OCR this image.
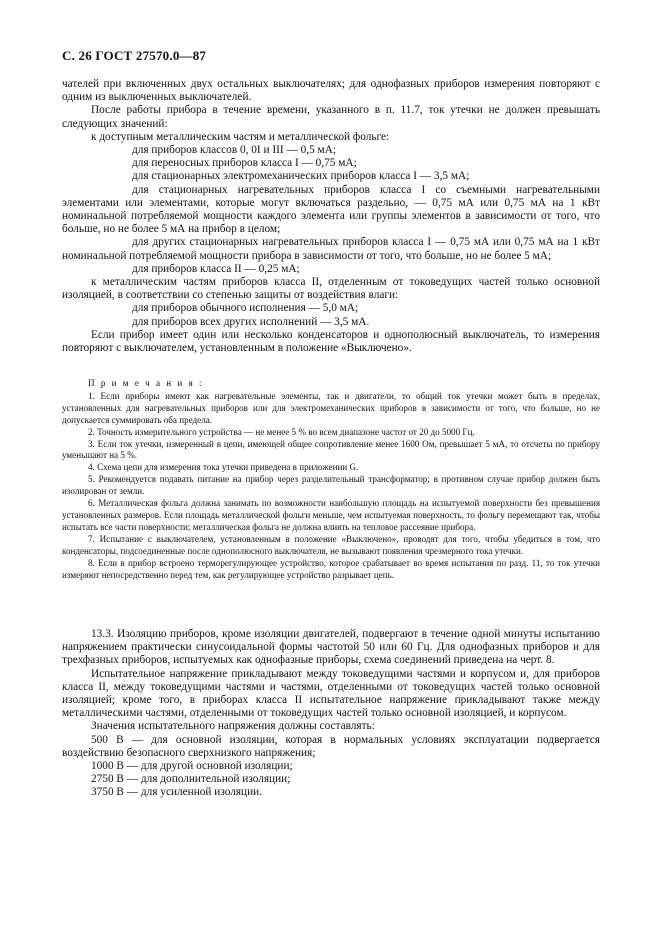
С. 26 ГОСТ 27570.0—87

чателей при включенных двух остальных выключателях; для однофазных приборов измерения повторяют с одним из выключенных выключателей.

После работы прибора в течение времени, указанного в п. 11.7, ток утечки не должен превышать следующих значений:

к доступным металлическим частям и металлической фольге:

для приборов классов 0, 0I и III — 0,5 мА;

для переносных приборов класса I — 0,75 мА;

для стационарных электромеханических приборов класса I — 3,5 мА;

для стационарных нагревательных приборов класса I со съемными нагревательными элементами или элементами, которые могут включаться раздельно, — 0,75 мА или 0,75 мА на 1 кВт номинальной потребляемой мощности каждого элемента или группы элементов в зависимости от того, что больше, но не более 5 мА на прибор в целом;

для других стационарных нагревательных приборов класса I — 0,75 мА или 0,75 мА на 1 кВт номинальной потребляемой мощности прибора в зависимости от того, что больше, но не более 5 мА;

для приборов класса II — 0,25 мА;

к металлическим частям приборов класса II, отделенным от токоведущих частей только основной изоляцией, в соответствии со степенью защиты от воздействия влаги:

для приборов обычного исполнения — 5,0 мА;

для приборов всех других исполнений — 3,5 мА.

Если прибор имеет один или несколько конденсаторов и однополюсный выключатель, то измерения повторяют с выключателем, установленным в положение «Выключено».

П р и м е ч а н и я :

1. Если приборы имеют как нагревательные элементы, так и двигатели, то общий ток утечки может быть в пределах, установленных для нагревательных приборов или для электромеханических приборов в зависимости от того, что больше, но не допускается суммировать оба предела.

2. Точность измерительного устройства — не менее 5 % во всем диапазоне частот от 20 до 5000 Гц.

3. Если ток утечки, измеренный в цепи, имеющей общее сопротивление менее 1600 Ом, превышает 5 мА, то отсчеты по прибору уменьшают на 5 %.

4. Схема цепи для измерения тока утечки приведена в приложении G.

5. Рекомендуется подавать питание на прибор через разделительный трансформатор; в противном случае прибор должен быть изолирован от земли.

6. Металлическая фольга должна занимать по возможности наибольшую площадь на испытуемой поверхности без превышения установленных размеров. Если площадь металлической фольги меньше, чем испытуемая поверхность, то фольгу перемещают так, чтобы испытать все части поверхности; металлическая фольга не должна влиять на тепловое рассеяние прибора.

7. Испытание с выключателем, установленным в положение «Выключено», проводят для того, чтобы убедиться в том, что конденсаторы, подсоединенные после однополюсного выключателя, не вызывают появления чрезмерного тока утечки.

8. Если в прибор встроено терморегулирующее устройство, которое срабатывает во время испытания по разд. 11, то ток утечки измеряют непосредственно перед тем, как регулирующее устройство разрывает цепь.

13.3. Изоляцию приборов, кроме изоляции двигателей, подвергают в течение одной минуты испытанию напряжением практически синусоидальной формы частотой 50 или 60 Гц. Для однофазных приборов и для трехфазных приборов, испытуемых как однофазные приборы, схема соединений приведена на черт. 8.

Испытательное напряжение прикладывают между токоведущими частями и корпусом и, для приборов класса II, между токоведущими частями и частями, отделенными от токоведущих частей только основной изоляцией; кроме того, в приборах класса II испытательное напряжение прикладывают также между металлическими частями, отделенными от токоведущих частей только основной изоляцией, и корпусом.

Значения испытательного напряжения должны составлять:

500 В — для основной изоляции, которая в нормальных условиях эксплуатации подвергается воздействию безопасного сверхнизкого напряжения;

1000 В — для другой основной изоляции;

2750 В — для дополнительной изоляции;

3750 В — для усиленной изоляции.
